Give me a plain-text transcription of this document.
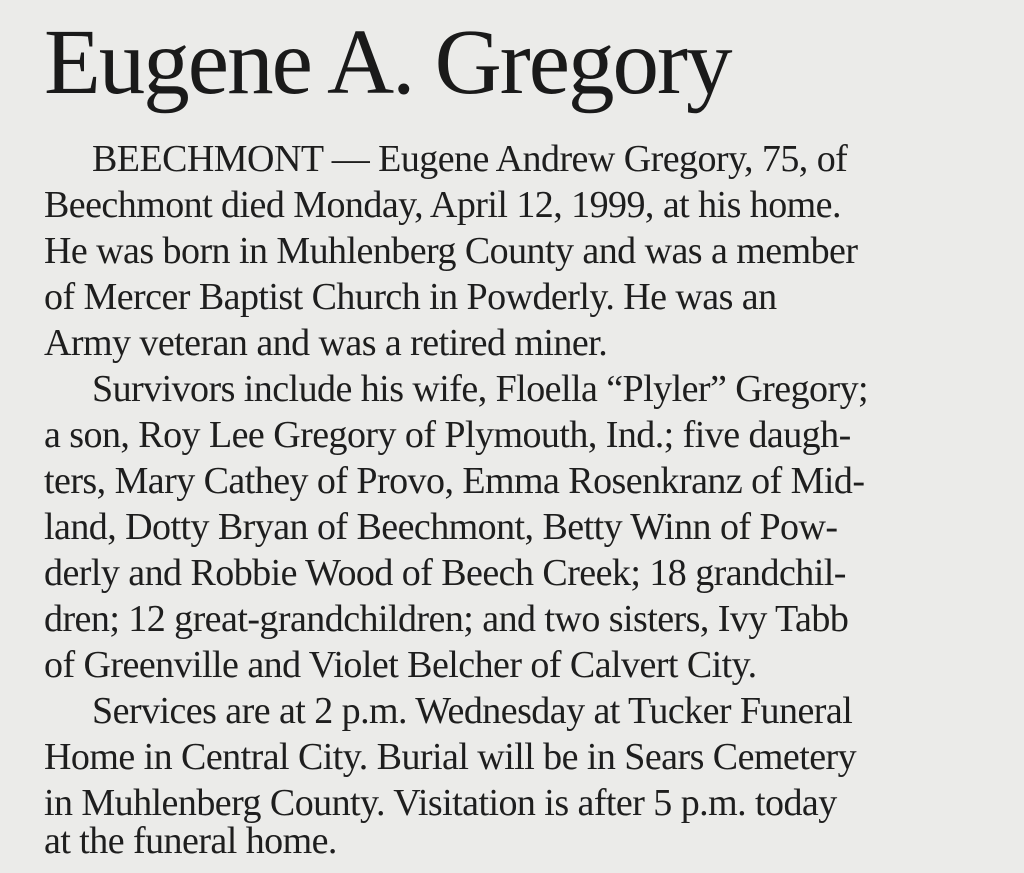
Eugene A. Gregory

BEECHMONT — Eugene Andrew Gregory, 75, of

Beechmont died Monday, April 12, 1999, at his home.

He was born in Muhlenberg County and was a member

of Mercer Baptist Church in Powderly. He was an

Army veteran and was a retired miner.

Survivors include his wife, Floella “Plyler” Gregory;

a son, Roy Lee Gregory of Plymouth, Ind.; five daugh-

ters, Mary Cathey of Provo, Emma Rosenkranz of Mid-

land, Dotty Bryan of Beechmont, Betty Winn of Pow-

derly and Robbie Wood of Beech Creek; 18 grandchil-

dren; 12 great-grandchildren; and two sisters, Ivy Tabb

of Greenville and Violet Belcher of Calvert City.

Services are at 2 p.m. Wednesday at Tucker Funeral

Home in Central City. Burial will be in Sears Cemetery

in Muhlenberg County. Visitation is after 5 p.m. today

at the funeral home.
